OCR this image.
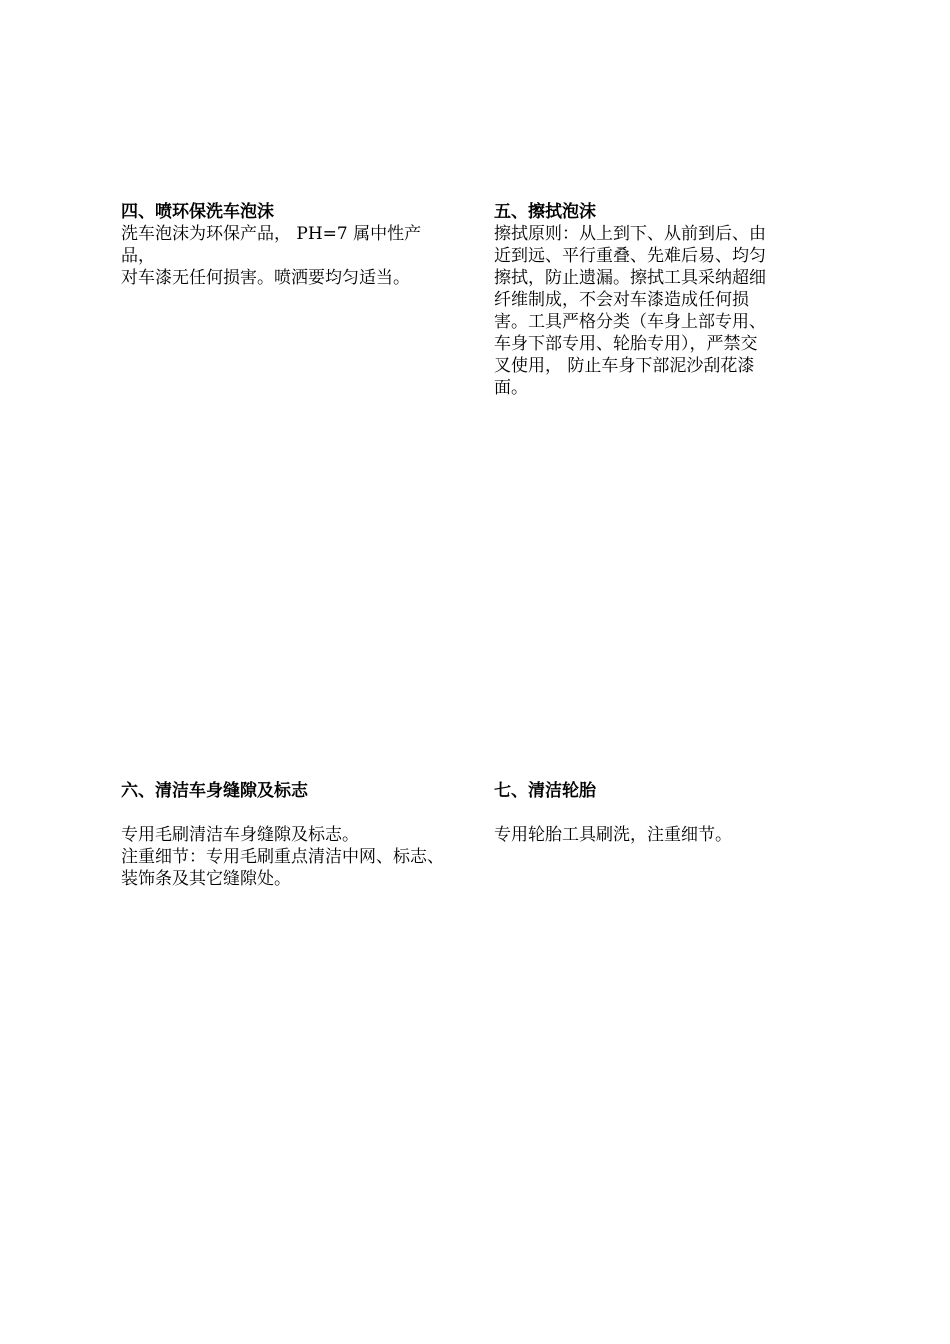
四、喷环保洗车泡沫
洗车泡沫为环保产品， PH=7 属中性产
品，
对车漆无任何损害。喷洒要均匀适当。
五、擦拭泡沫
擦拭原则：从上到下、从前到后、由
近到远、平行重叠、先难后易、均匀
擦拭，防止遗漏。擦拭工具采纳超细
纤维制成，不会对车漆造成任何损
害。工具严格分类（车身上部专用、
车身下部专用、轮胎专用），严禁交
叉使用， 防止车身下部泥沙刮花漆
面。
六、清洁车身缝隙及标志
专用毛刷清洁车身缝隙及标志。
注重细节：专用毛刷重点清洁中网、标志、
装饰条及其它缝隙处。
七、清洁轮胎
专用轮胎工具刷洗，注重细节。
